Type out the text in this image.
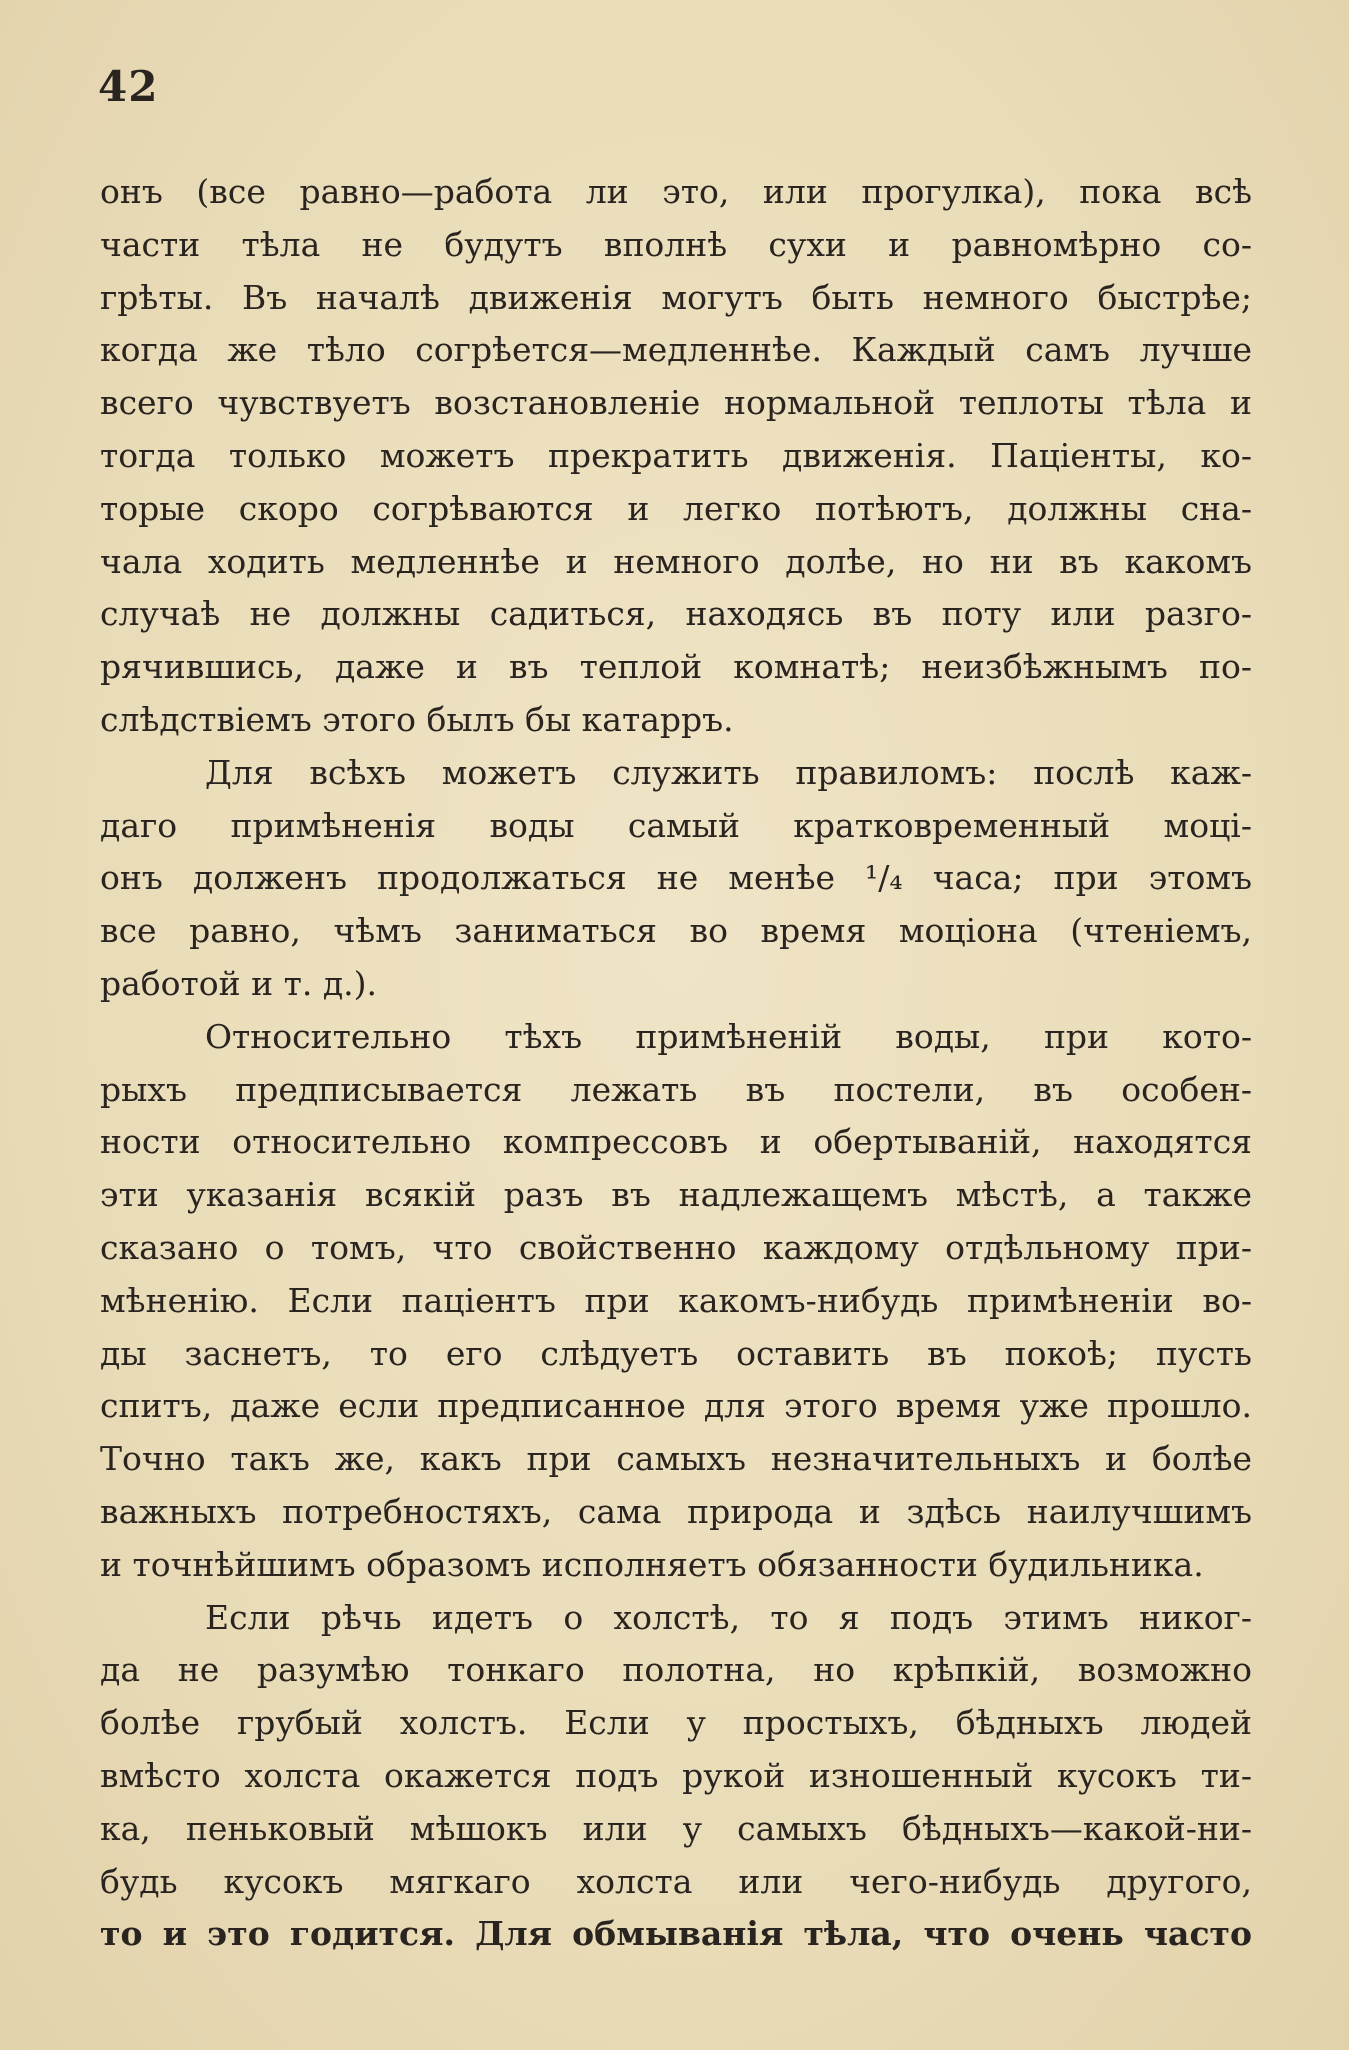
42
онъ (все равно—работа ли это, или прогулка), пока всѣ
части тѣла не будутъ вполнѣ сухи и равномѣрно со-
грѣты. Въ началѣ движенія могутъ быть немного быстрѣе;
когда же тѣло согрѣется—медленнѣе. Каждый самъ лучше
всего чувствуетъ возстановленіе нормальной теплоты тѣла и
тогда только можетъ прекратить движенія. Паціенты, ко-
торые скоро согрѣваются и легко потѣютъ, должны сна-
чала ходить медленнѣе и немного долѣе, но ни въ какомъ
случаѣ не должны садиться, находясь въ поту или разго-
рячившись, даже и въ теплой комнатѣ; неизбѣжнымъ по-
слѣдствіемъ этого былъ бы катарръ.
Для всѣхъ можетъ служить правиломъ: послѣ каж-
даго примѣненія воды самый кратковременный моці-
онъ долженъ продолжаться не менѣе ¹/₄ часа; при этомъ
все равно, чѣмъ заниматься во время моціона (чтеніемъ,
работой и т. д.).
Относительно тѣхъ примѣненій воды, при кото-
рыхъ предписывается лежать въ постели, въ особен-
ности относительно компрессовъ и обертываній, находятся
эти указанія всякій разъ въ надлежащемъ мѣстѣ, а также
сказано о томъ, что свойственно каждому отдѣльному при-
мѣненію. Если паціентъ при какомъ-нибудь примѣненіи во-
ды заснетъ, то его слѣдуетъ оставить въ покоѣ; пусть
спитъ, даже если предписанное для этого время уже прошло.
Точно такъ же, какъ при самыхъ незначительныхъ и болѣе
важныхъ потребностяхъ, сама природа и здѣсь наилучшимъ
и точнѣйшимъ образомъ исполняетъ обязанности будильника.
Если рѣчь идетъ о холстѣ, то я подъ этимъ никог-
да не разумѣю тонкаго полотна, но крѣпкій, возможно
болѣе грубый холстъ. Если у простыхъ, бѣдныхъ людей
вмѣсто холста окажется подъ рукой изношенный кусокъ ти-
ка, пеньковый мѣшокъ или у самыхъ бѣдныхъ—какой-ни-
будь кусокъ мягкаго холста или чего-нибудь другого,
то и это годится. Для обмыванія тѣла, что очень часто
